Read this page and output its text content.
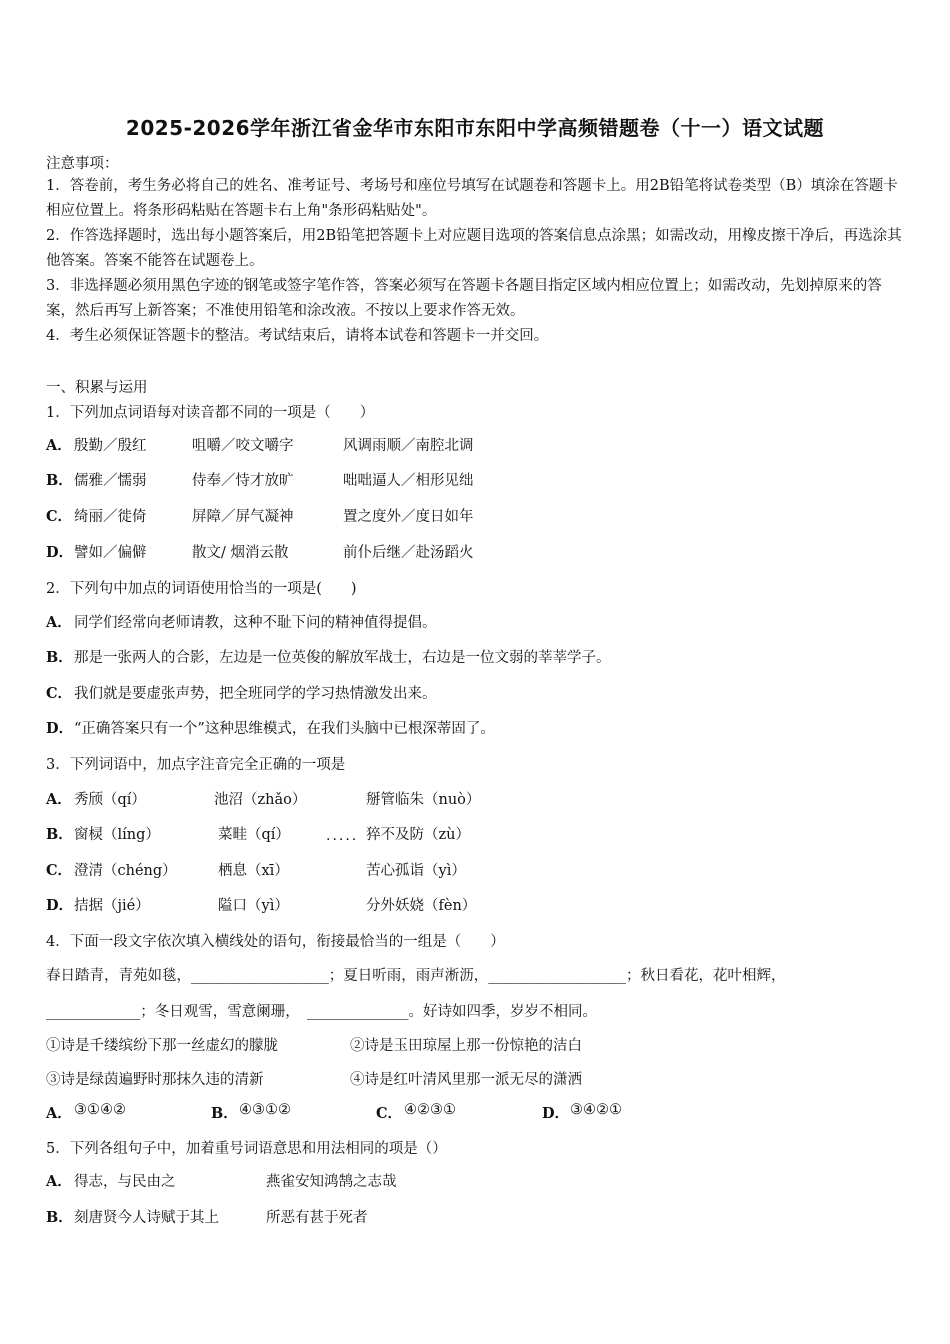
2025-2026学年浙江省金华市东阳市东阳中学高频错题卷（十一）语文试题
注意事项：
1．答卷前，考生务必将自己的姓名、准考证号、考场号和座位号填写在试题卷和答题卡上。用2B铅笔将试卷类型（B）填涂在答题卡相应位置上。将条形码粘贴在答题卡右上角"条形码粘贴处"。
2．作答选择题时，选出每小题答案后，用2B铅笔把答题卡上对应题目选项的答案信息点涂黑；如需改动，用橡皮擦干净后，再选涂其他答案。答案不能答在试题卷上。
3．非选择题必须用黑色字迹的钢笔或签字笔作答，答案必须写在答题卡各题目指定区域内相应位置上；如需改动，先划掉原来的答案，然后再写上新答案；不准使用铅笔和涂改液。不按以上要求作答无效。
4．考生必须保证答题卡的整洁。考试结束后，请将本试卷和答题卡一并交回。
一、积累与运用
1．下列加点词语每对读音都不同的一项是（　　）
A． 殷勤／殷红	咀嚼／咬文嚼字	风调雨顺／南腔北调
B． 儒雅／懦弱	侍奉／恃才放旷	咄咄逼人／相形见绌
C． 绮丽／徙倚	屏障／屏气凝神	置之度外／度日如年
D． 譬如／偏僻	散文/ 烟消云散	前仆后继／赴汤蹈火
2．下列句中加点的词语使用恰当的一项是(　　)
A． 同学们经常向老师请教，这种不耻下问的精神值得提倡。
B． 那是一张两人的合影，左边是一位英俊的解放军战士，右边是一位文弱的莘莘学子。
C． 我们就是要虚张声势，把全班同学的学习热情激发出来。
D． “正确答案只有一个”这种思维模式，在我们头脑中已根深蒂固了。
3．下列词语中，加点字注音完全正确的一项是
A． 秀颀（qí）	池沼（zhǎo）	掰管临朱（nuò）
B． 窗棂（líng）	菜畦（qí）	猝不及防（zù）
.....
C． 澄清（chéng）	栖息（xī）	苦心孤诣（yì）
D． 拮据（jié）	隘口（yì）	分外妖娆（fèn）
4．下面一段文字依次填入横线处的语句，衔接最恰当的一组是（　　）
春日踏青，青苑如毯，___________________；夏日听雨，雨声淅沥，___________________；秋日看花，花叶相辉，
_____________；冬日观雪，雪意阑珊，　______________。好诗如四季，岁岁不相同。
①诗是千缕缤纷下那一丝虚幻的朦胧	②诗是玉田琼屋上那一份惊艳的洁白
③诗是绿茵遍野时那抹久违的清新	④诗是红叶清风里那一派无尽的潇洒
A． ③①④②	B． ④③①②	C． ④②③①	D． ③④②①
5．下列各组句子中，加着重号词语意思和用法相同的项是（）
A． 得志，与民由之	燕雀安知鸿鹄之志哉
B． 刻唐贤今人诗赋于其上	所恶有甚于死者
